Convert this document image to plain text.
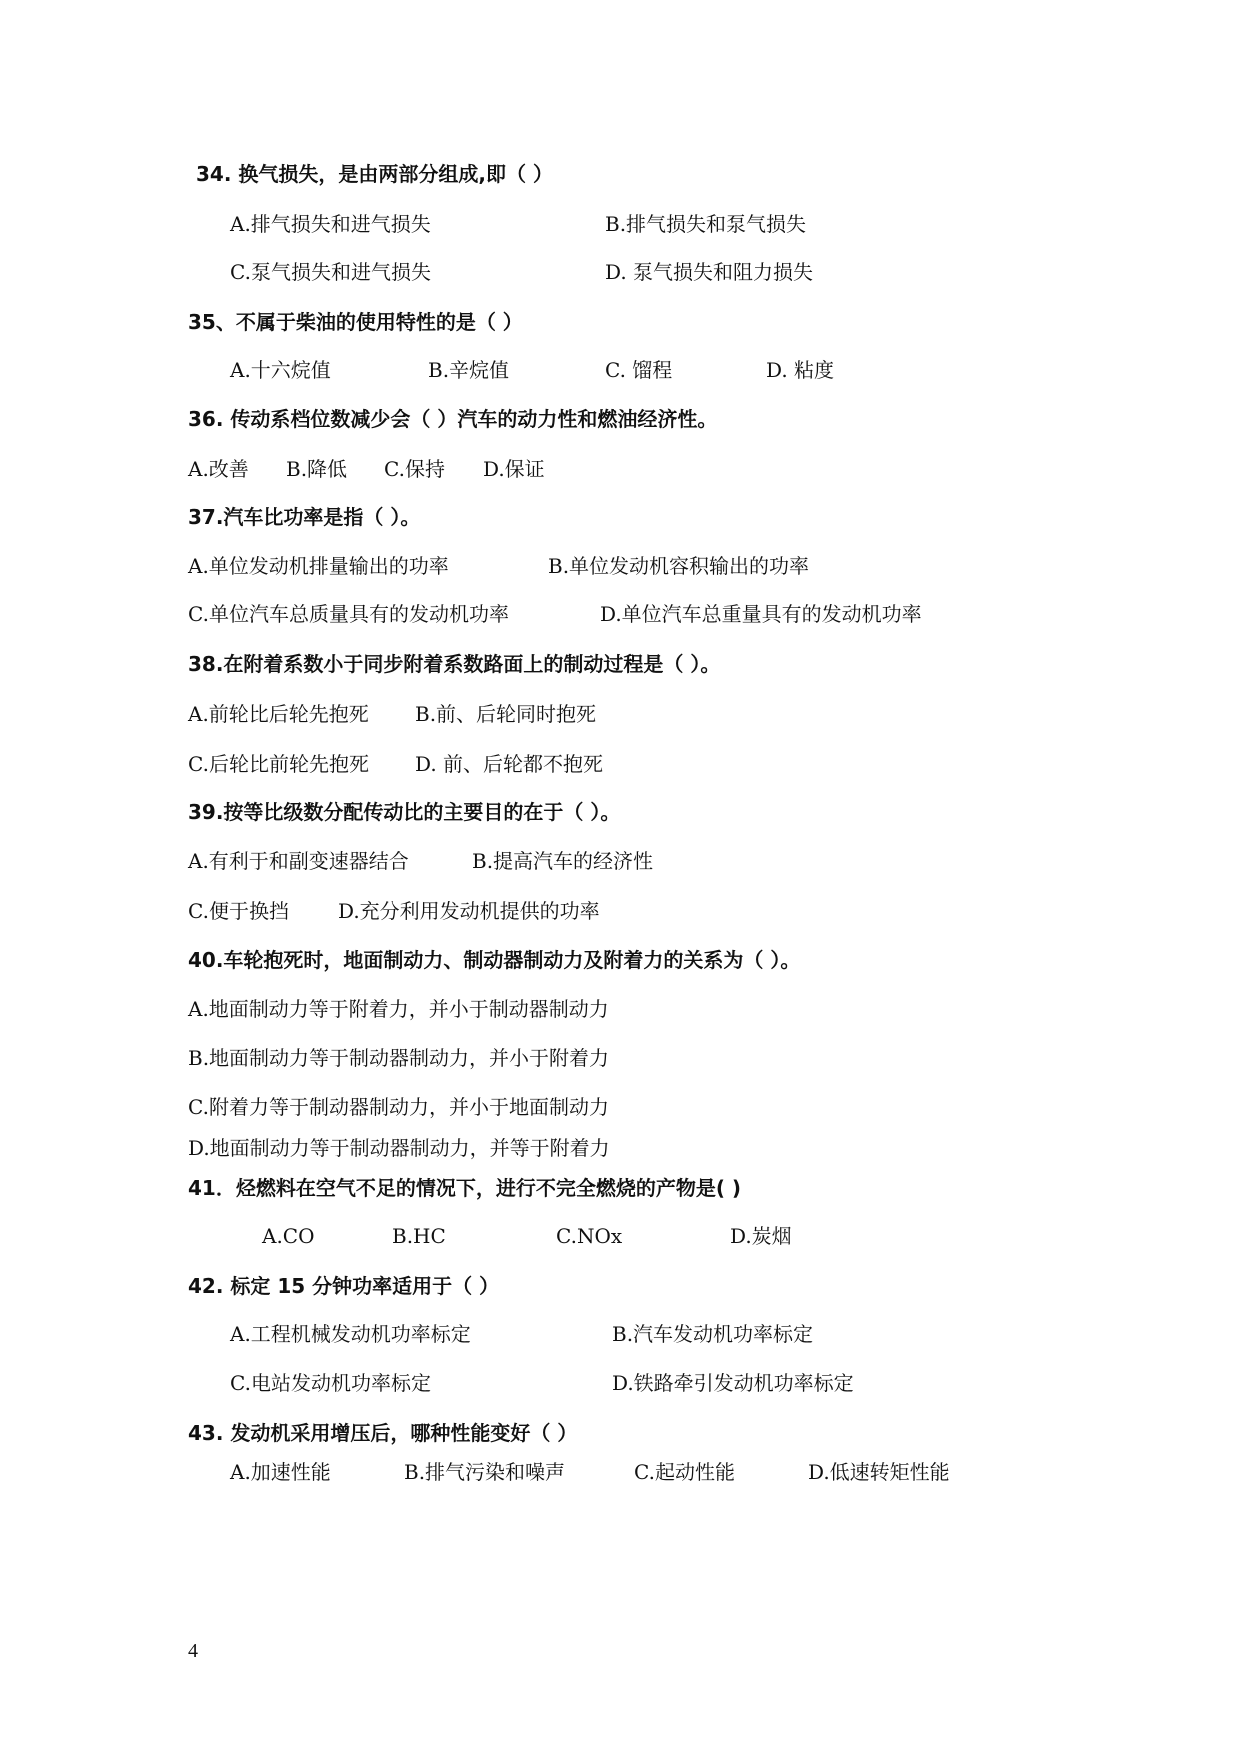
34. 换气损失，是由两部分组成,即（ ）
A.排气损失和进气损失	B.排气损失和泵气损失
C.泵气损失和进气损失	D. 泵气损失和阻力损失
35、不属于柴油的使用特性的是（ ）
A.十六烷值	B.辛烷值	C. 馏程	D. 粘度
36. 传动系档位数减少会（ ）汽车的动力性和燃油经济性。
A.改善 B.降低 C.保持 D.保证
37.汽车比功率是指（ ）。
A.单位发动机排量输出的功率	B.单位发动机容积输出的功率
C.单位汽车总质量具有的发动机功率	D.单位汽车总重量具有的发动机功率
38.在附着系数小于同步附着系数路面上的制动过程是（ ）。
A.前轮比后轮先抱死 B.前、后轮同时抱死
C.后轮比前轮先抱死 D. 前、后轮都不抱死
39.按等比级数分配传动比的主要目的在于（ ）。
A.有利于和副变速器结合	B.提高汽车的经济性
C.便于换挡 D.充分利用发动机提供的功率
40.车轮抱死时，地面制动力、制动器制动力及附着力的关系为（ ）。
A.地面制动力等于附着力，并小于制动器制动力
B.地面制动力等于制动器制动力，并小于附着力
C.附着力等于制动器制动力，并小于地面制动力
D.地面制动力等于制动器制动力，并等于附着力
41．烃燃料在空气不足的情况下，进行不完全燃烧的产物是( )
A.CO	B.HC	C.NOx	D.炭烟
42. 标定 15 分钟功率适用于（ ）
A.工程机械发动机功率标定	B.汽车发动机功率标定
C.电站发动机功率标定	D.铁路牵引发动机功率标定
43. 发动机采用增压后，哪种性能变好（ ）
A.加速性能	B.排气污染和噪声	C.起动性能	D.低速转矩性能
4
